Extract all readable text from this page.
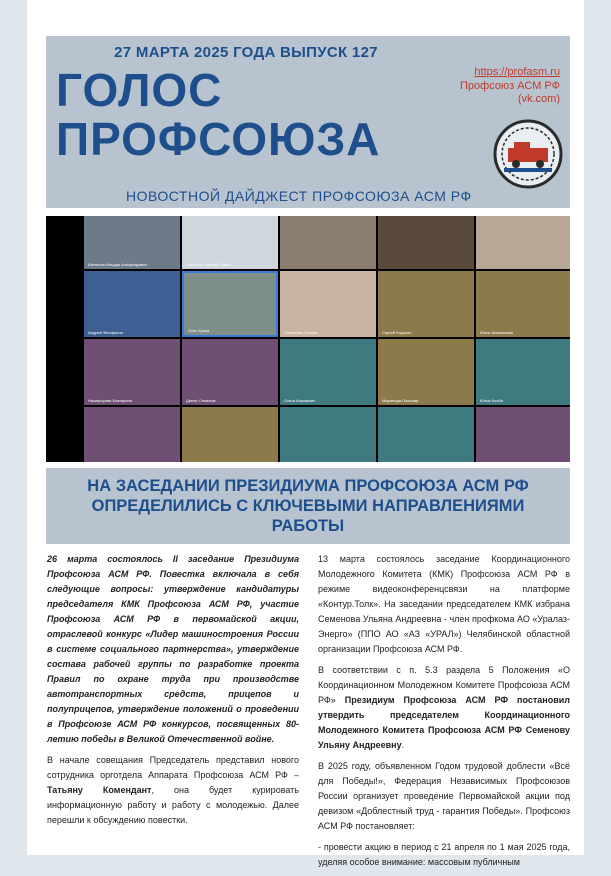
27 МАРТА 2025 ГОДА ВЫПУСК 127
ГОЛОС
ПРОФСОЮЗА
НОВОСТНОЙ ДАЙДЖЕСТ ПРОФСОЮЗА АСМ РФ
https://profasm.ru
Профсоюз АСМ РФ (vk.com)
Шелепов Ильдар Альфредович	Пустой (Старков) Павел
Андрей Феофилов	Олег Кузьм	Симонова Ульяна	Сергей Бодягин	Юлия Шахматова
Никифорова Екатерина	Дмитр Семенов	Ольга Кировских	Маринида Пласова	Юлия Колба
НА ЗАСЕДАНИИ ПРЕЗИДИУМА ПРОФСОЮЗА АСМ РФ ОПРЕДЕЛИЛИСЬ С КЛЮЧЕВЫМИ НАПРАВЛЕНИЯМИ РАБОТЫ

26 марта состоялось II заседание Президиума Профсоюза АСМ РФ. Повестка включала в себя следующие вопросы: утверждение кандидатуры председателя КМК Профсоюза АСМ РФ, участие Профсоюза АСМ РФ в первомайской акции, отраслевой конкурс «Лидер машиностроения России в системе социального партнерства», утверждение состава рабочей группы по разработке проекта Правил по охране труда при производстве автотранспортных средств, прицепов и полуприцепов, утверждение положений о проведении в Профсоюзе АСМ РФ конкурсов, посвященных 80-летию победы в Великой Отечественной войне.

В начале совещания Председатель представил нового сотрудника орготдела Аппарата Профсоюза АСМ РФ – Татьяну Комендант, она будет курировать информационную работу и работу с молодежью. Далее перешли к обсуждению повестки.

13 марта состоялось заседание Координационного Молодежного Комитета (КМК) Профсоюза АСМ РФ в режиме видеоконференцсвязи на платформе «Контур.Толк». На заседании председателем КМК избрана Семенова Ульяна Андреевна - член профкома АО «Уралаз-Энерго» (ППО АО «АЗ «УРАЛ») Челябинской областной организации Профсоюза АСМ РФ.

В соответствии с п. 5.3 раздела 5 Положения «О Координационном Молодежном Комитете Профсоюза АСМ РФ» Президиум Профсоюза АСМ РФ постановил утвердить председателем Координационного Молодежного Комитета Профсоюза АСМ РФ Семенову Ульяну Андреевну.

В 2025 году, объявленном Годом трудовой доблести «Всё для Победы!», Федерация Независимых Профсоюзов России организует проведение Первомайской акции под девизом «Доблестный труд - гарантия Победы». Профсоюз АСМ РФ постановляет:

- провести акцию в период с 21 апреля по 1 мая 2025 года, уделяя особое внимание: массовым публичным
